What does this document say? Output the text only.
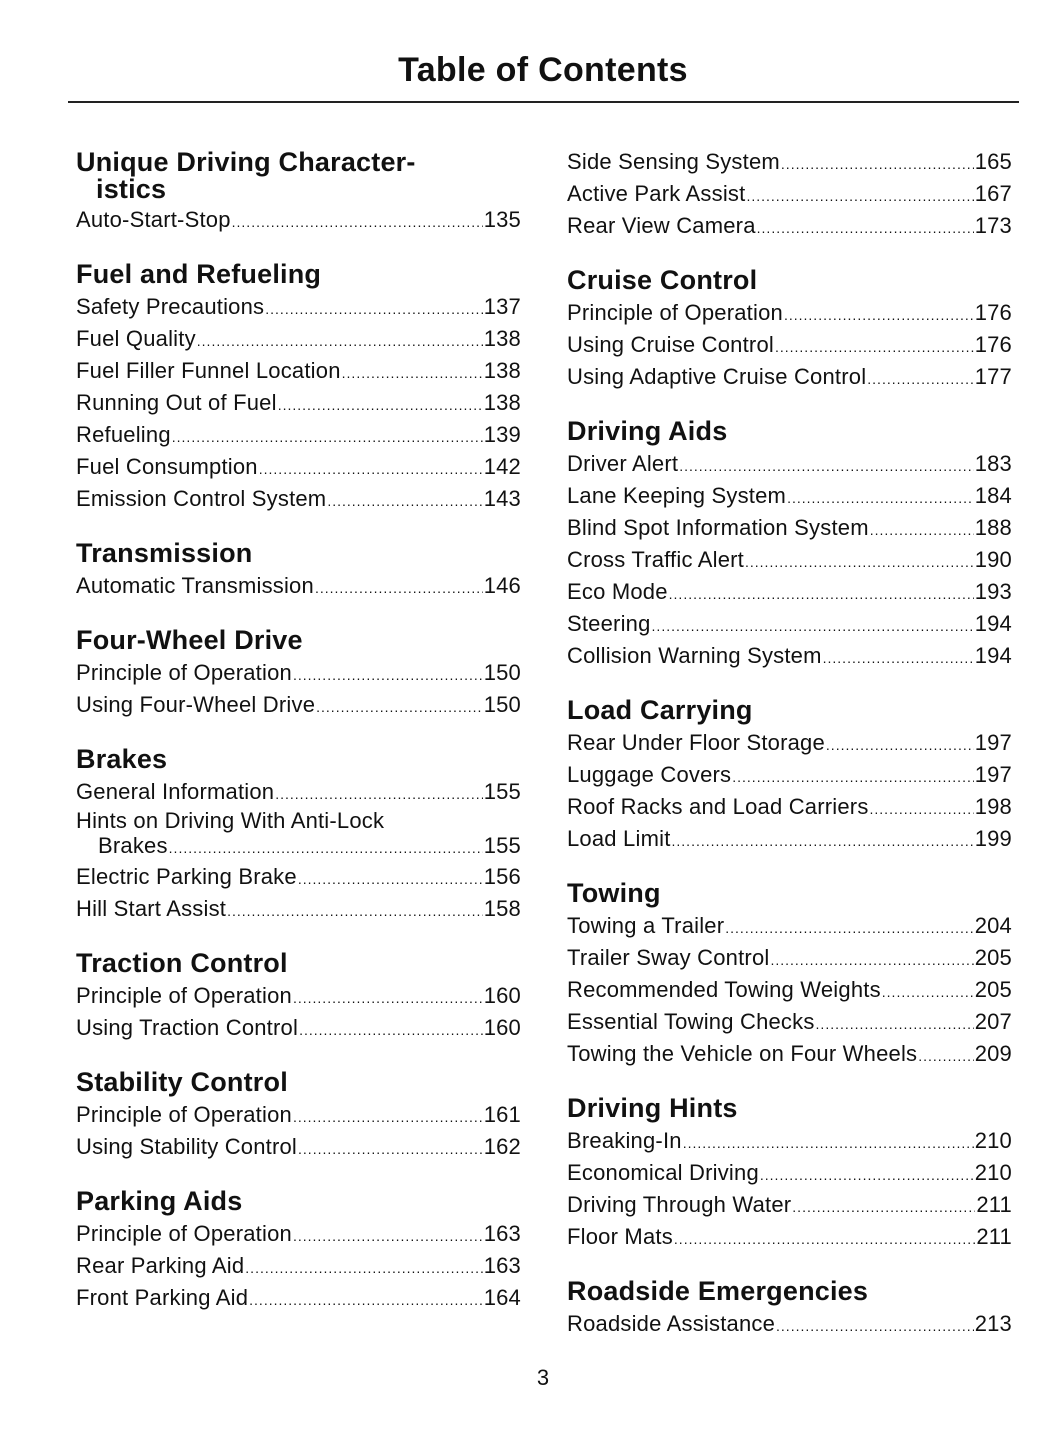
Table of Contents
Unique Driving Character-
istics
Auto-Start-Stop .....	135
Fuel and Refueling
Safety Precautions .....	137
Fuel Quality .....	138
Fuel Filler Funnel Location .....	138
Running Out of Fuel .....	138
Refueling .....	139
Fuel Consumption .....	142
Emission Control System .....	143
Transmission
Automatic Transmission .....	146
Four-Wheel Drive
Principle of Operation .....	150
Using Four-Wheel Drive .....	150
Brakes
General Information .....	155
Hints on Driving With Anti-Lock
Brakes .....	155
Electric Parking Brake .....	156
Hill Start Assist .....	158
Traction Control
Principle of Operation .....	160
Using Traction Control .....	160
Stability Control
Principle of Operation .....	161
Using Stability Control .....	162
Parking Aids
Principle of Operation .....	163
Rear Parking Aid .....	163
Front Parking Aid .....	164
Side Sensing System .....	165
Active Park Assist .....	167
Rear View Camera .....	173
Cruise Control
Principle of Operation .....	176
Using Cruise Control .....	176
Using Adaptive Cruise Control .....	177
Driving Aids
Driver Alert .....	183
Lane Keeping System .....	184
Blind Spot Information System .....	188
Cross Traffic Alert .....	190
Eco Mode .....	193
Steering .....	194
Collision Warning System .....	194
Load Carrying
Rear Under Floor Storage .....	197
Luggage Covers .....	197
Roof Racks and Load Carriers .....	198
Load Limit .....	199
Towing
Towing a Trailer .....	204
Trailer Sway Control .....	205
Recommended Towing Weights .....	205
Essential Towing Checks .....	207
Towing the Vehicle on Four Wheels .....	209
Driving Hints
Breaking-In .....	210
Economical Driving .....	210
Driving Through Water .....	211
Floor Mats .....	211
Roadside Emergencies
Roadside Assistance .....	213
3
